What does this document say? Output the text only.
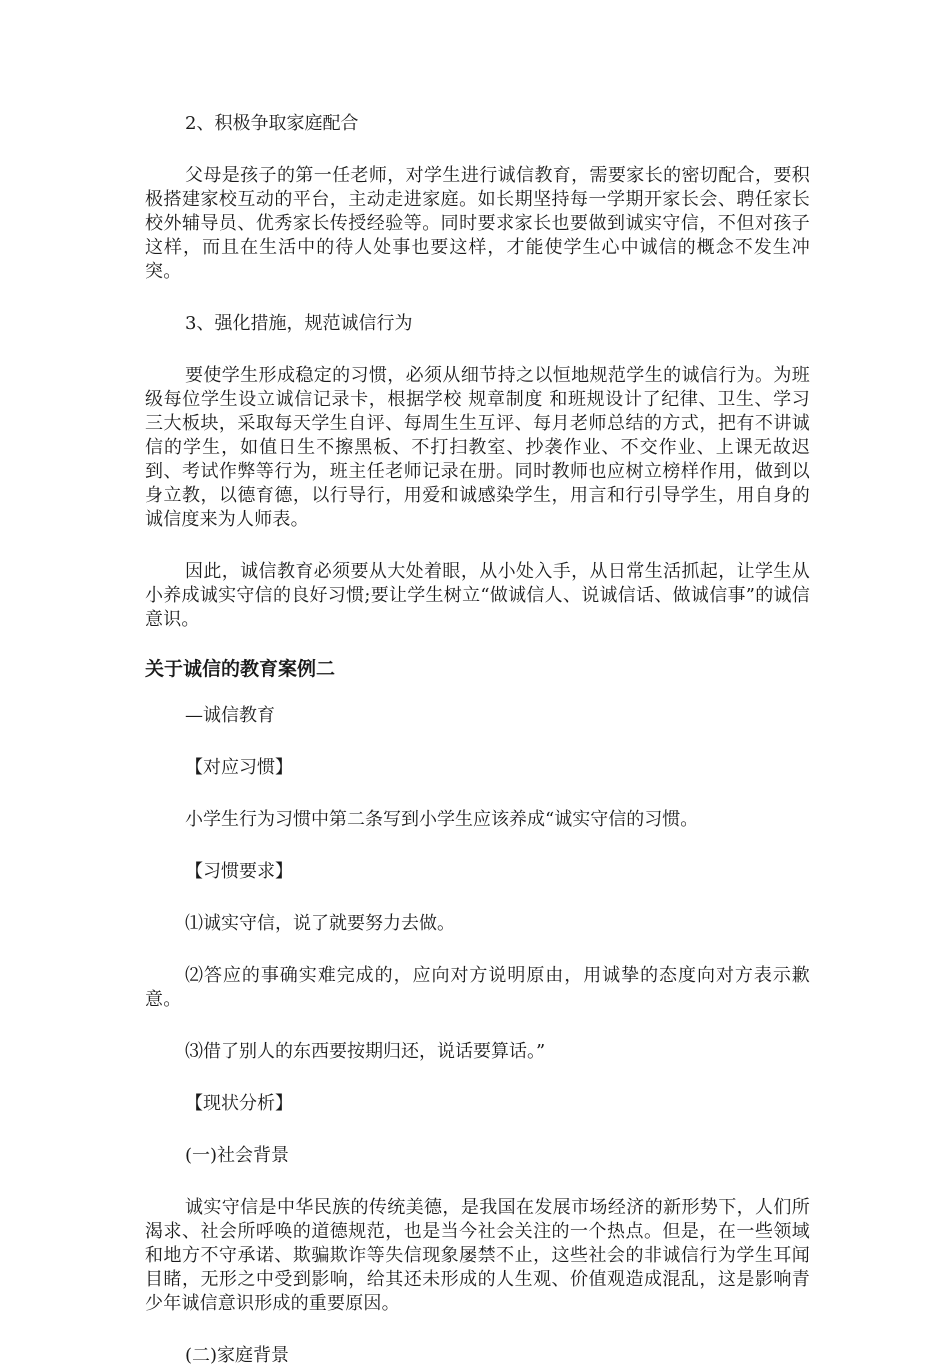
2、积极争取家庭配合

父母是孩子的第一任老师，对学生进行诚信教育，需要家长的密切配合，要积极搭建家校互动的平台，主动走进家庭。如长期坚持每一学期开家长会、聘任家长校外辅导员、优秀家长传授经验等。同时要求家长也要做到诚实守信，不但对孩子这样，而且在生活中的待人处事也要这样，才能使学生心中诚信的概念不发生冲突。

3、强化措施，规范诚信行为

要使学生形成稳定的习惯，必须从细节持之以恒地规范学生的诚信行为。为班级每位学生设立诚信记录卡，根据学校 规章制度 和班规设计了纪律、卫生、学习三大板块，采取每天学生自评、每周生生互评、每月老师总结的方式，把有不讲诚信的学生，如值日生不擦黑板、不打扫教室、抄袭作业、不交作业、上课无故迟到、考试作弊等行为，班主任老师记录在册。同时教师也应树立榜样作用，做到以身立教，以德育德，以行导行，用爱和诚感染学生，用言和行引导学生，用自身的诚信度来为人师表。

因此，诚信教育必须要从大处着眼，从小处入手，从日常生活抓起，让学生从小养成诚实守信的良好习惯;要让学生树立“做诚信人、说诚信话、做诚信事”的诚信意识。

关于诚信的教育案例二

—诚信教育

【对应习惯】

小学生行为习惯中第二条写到小学生应该养成“诚实守信的习惯。

【习惯要求】

⑴诚实守信，说了就要努力去做。

⑵答应的事确实难完成的，应向对方说明原由，用诚挚的态度向对方表示歉意。

⑶借了别人的东西要按期归还，说话要算话。”

【现状分析】

(一)社会背景

诚实守信是中华民族的传统美德，是我国在发展市场经济的新形势下，人们所渴求、社会所呼唤的道德规范，也是当今社会关注的一个热点。但是，在一些领域和地方不守承诺、欺骗欺诈等失信现象屡禁不止，这些社会的非诚信行为学生耳闻目睹，无形之中受到影响，给其还未形成的人生观、价值观造成混乱，这是影响青少年诚信意识形成的重要原因。

(二)家庭背景
